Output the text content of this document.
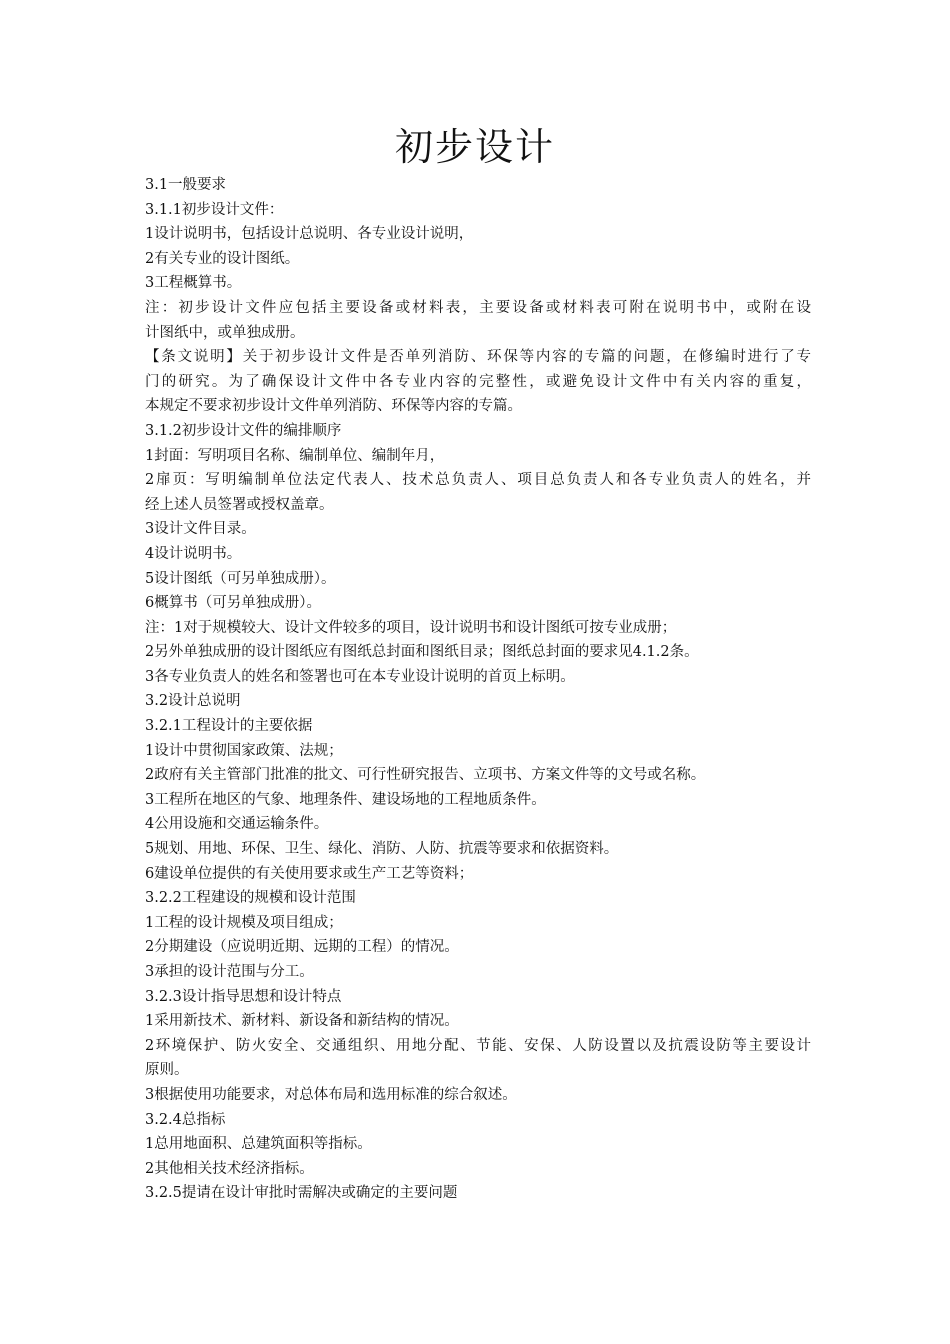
初步设计
3.1一般要求
3.1.1初步设计文件：
1设计说明书，包括设计总说明、各专业设计说明，
2有关专业的设计图纸。
3工程概算书。
注：初步设计文件应包括主要设备或材料表，主要设备或材料表可附在说明书中，或附在设
计图纸中，或单独成册。
【条文说明】关于初步设计文件是否单列消防、环保等内容的专篇的问题，在修编时进行了专
门的研究。为了确保设计文件中各专业内容的完整性，或避免设计文件中有关内容的重复，
本规定不要求初步设计文件单列消防、环保等内容的专篇。
3.1.2初步设计文件的编排顺序
1封面：写明项目名称、编制单位、编制年月，
2扉页：写明编制单位法定代表人、技术总负责人、项目总负责人和各专业负责人的姓名，并
经上述人员签署或授权盖章。
3设计文件目录。
4设计说明书。
5设计图纸（可另单独成册）。
6概算书（可另单独成册）。
注：1对于规模较大、设计文件较多的项目，设计说明书和设计图纸可按专业成册；
2另外单独成册的设计图纸应有图纸总封面和图纸目录；图纸总封面的要求见4.1.2条。
3各专业负责人的姓名和签署也可在本专业设计说明的首页上标明。
3.2设计总说明
3.2.1工程设计的主要依据
1设计中贯彻国家政策、法规；
2政府有关主管部门批准的批文、可行性研究报告、立项书、方案文件等的文号或名称。
3工程所在地区的气象、地理条件、建设场地的工程地质条件。
4公用设施和交通运输条件。
5规划、用地、环保、卫生、绿化、消防、人防、抗震等要求和依据资料。
6建设单位提供的有关使用要求或生产工艺等资料；
3.2.2工程建设的规模和设计范围
1工程的设计规模及项目组成；
2分期建设（应说明近期、远期的工程）的情况。
3承担的设计范围与分工。
3.2.3设计指导思想和设计特点
1采用新技术、新材料、新设备和新结构的情况。
2环境保护、防火安全、交通组织、用地分配、节能、安保、人防设置以及抗震设防等主要设计
原则。
3根据使用功能要求，对总体布局和选用标准的综合叙述。
3.2.4总指标
1总用地面积、总建筑面积等指标。
2其他相关技术经济指标。
3.2.5提请在设计审批时需解决或确定的主要问题
